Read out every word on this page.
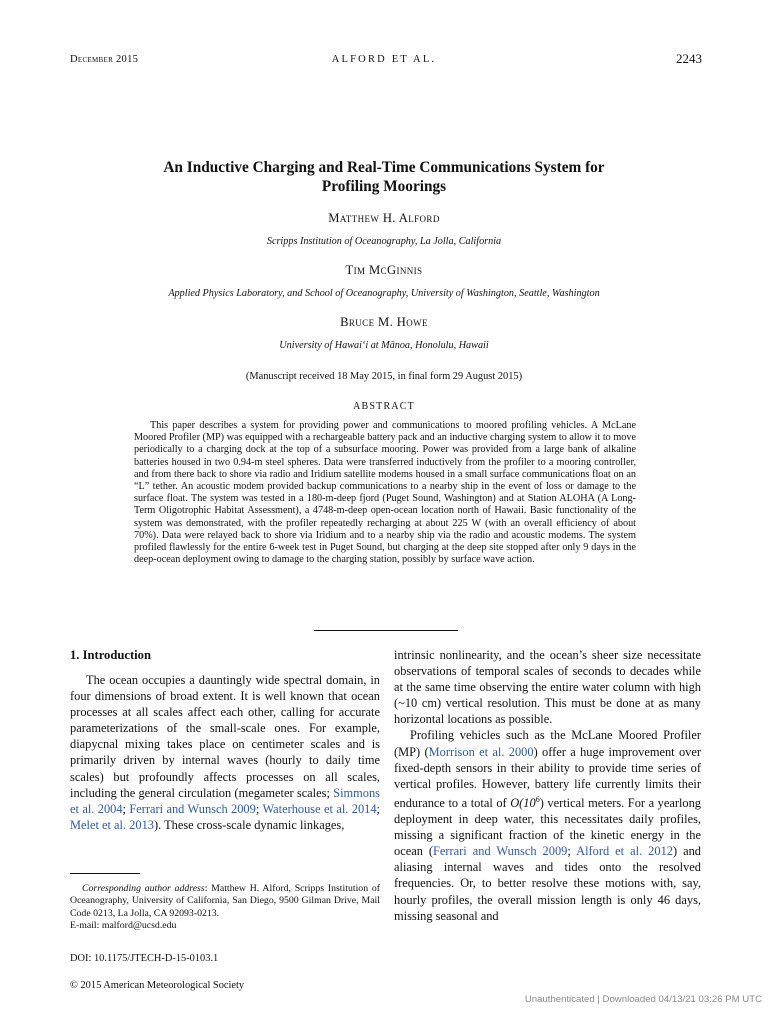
December 2015	ALFORD ET AL.	2243
An Inductive Charging and Real-Time Communications System for
Profiling Moorings
Matthew H. Alford
Scripps Institution of Oceanography, La Jolla, California
Tim McGinnis
Applied Physics Laboratory, and School of Oceanography, University of Washington, Seattle, Washington
Bruce M. Howe
University of Hawai‘i at Mānoa, Honolulu, Hawaii
(Manuscript received 18 May 2015, in final form 29 August 2015)
ABSTRACT

This paper describes a system for providing power and communications to moored profiling vehicles. A McLane Moored Profiler (MP) was equipped with a rechargeable battery pack and an inductive charging system to allow it to move periodically to a charging dock at the top of a subsurface mooring. Power was provided from a large bank of alkaline batteries housed in two 0.94-m steel spheres. Data were transferred inductively from the profiler to a mooring controller, and from there back to shore via radio and Iridium satellite modems housed in a small surface communications float on an “L” tether. An acoustic modem provided backup communications to a nearby ship in the event of loss or damage to the surface float. The system was tested in a 180-m-deep fjord (Puget Sound, Washington) and at Station ALOHA (A Long-Term Oligotrophic Habitat Assessment), a 4748-m-deep open-ocean location north of Hawaii. Basic functionality of the system was demonstrated, with the profiler repeatedly recharging at about 225 W (with an overall efficiency of about 70%). Data were relayed back to shore via Iridium and to a nearby ship via the radio and acoustic modems. The system profiled flawlessly for the entire 6-week test in Puget Sound, but charging at the deep site stopped after only 9 days in the deep-ocean deployment owing to damage to the charging station, possibly by surface wave action.

1. Introduction

The ocean occupies a dauntingly wide spectral domain, in four dimensions of broad extent. It is well known that ocean processes at all scales affect each other, calling for accurate parameterizations of the small-scale ones. For example, diapycnal mixing takes place on centimeter scales and is primarily driven by internal waves (hourly to daily time scales) but profoundly affects processes on all scales, including the general circulation (megameter scales; Simmons et al. 2004; Ferrari and Wunsch 2009; Waterhouse et al. 2014; Melet et al. 2013). These cross-scale dynamic linkages,

intrinsic nonlinearity, and the ocean’s sheer size necessitate observations of temporal scales of seconds to decades while at the same time observing the entire water column with high (~10 cm) vertical resolution. This must be done at as many horizontal locations as possible.

Profiling vehicles such as the McLane Moored Profiler (MP) (Morrison et al. 2000) offer a huge improvement over fixed-depth sensors in their ability to provide time series of vertical profiles. However, battery life currently limits their endurance to a total of $O(10^6)$ vertical meters. For a yearlong deployment in deep water, this necessitates daily profiles, missing a significant fraction of the kinetic energy in the ocean (Ferrari and Wunsch 2009; Alford et al. 2012) and aliasing internal waves and tides onto the resolved frequencies. Or, to better resolve these motions with, say, hourly profiles, the overall mission length is only 46 days, missing seasonal and

Corresponding author address: Matthew H. Alford, Scripps Institution of Oceanography, University of California, San Diego, 9500 Gilman Drive, Mail Code 0213, La Jolla, CA 92093-0213.
E-mail: malford@ucsd.edu

DOI: 10.1175/JTECH-D-15-0103.1
© 2015 American Meteorological Society
Unauthenticated | Downloaded 04/13/21 03:26 PM UTC
